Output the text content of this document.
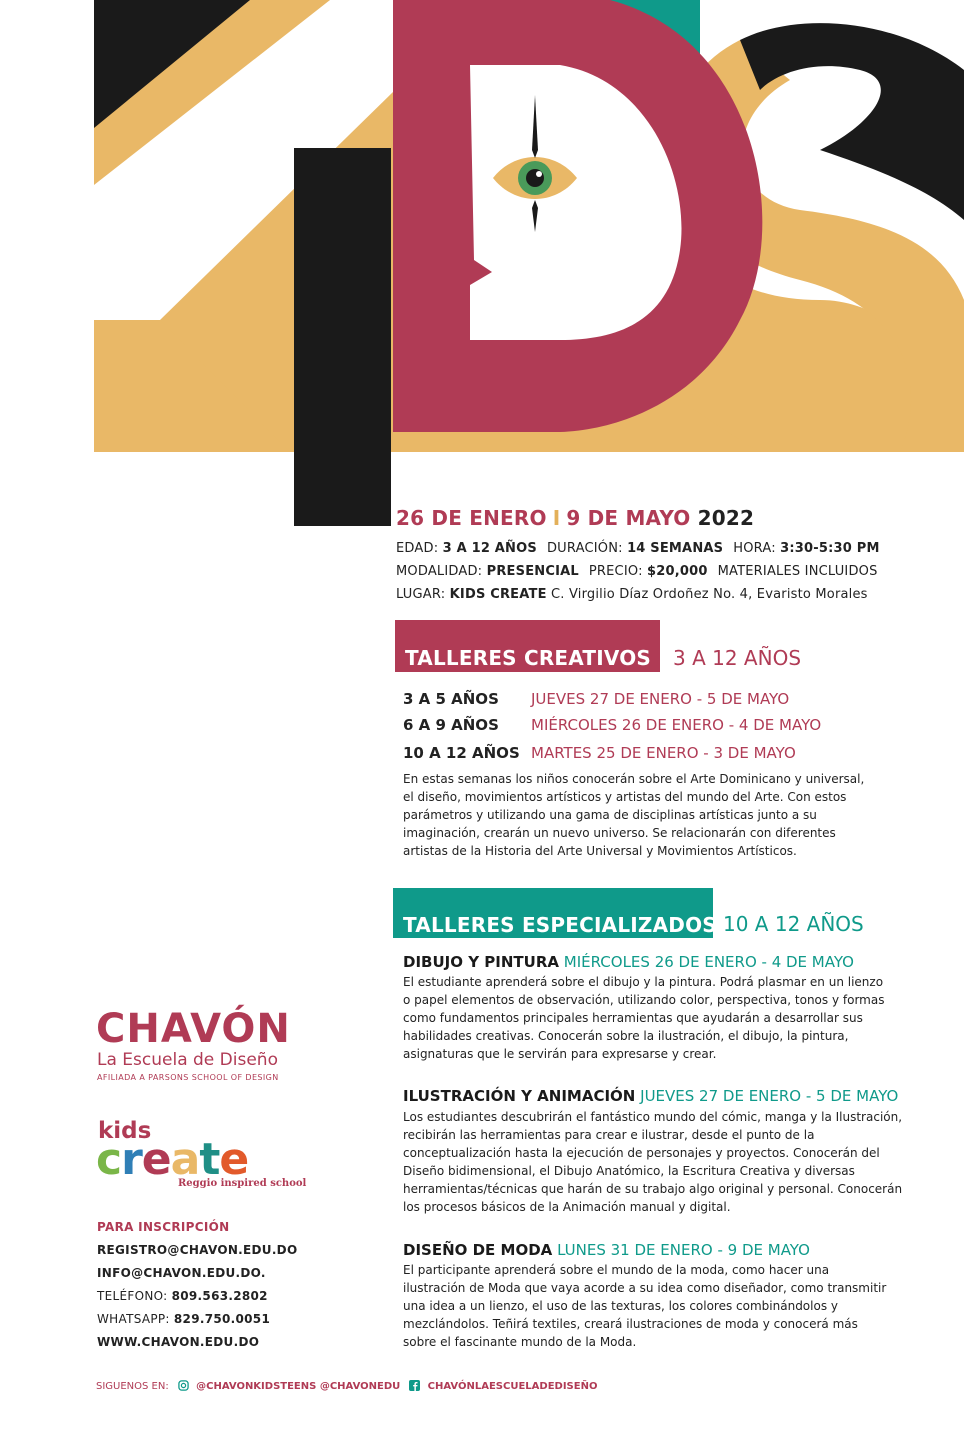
26 DE ENERO I 9 DE MAYO 2022
EDAD: 3 A 12 AÑOS DURACIÓN: 14 SEMANAS HORA: 3:30-5:30 PM
MODALIDAD: PRESENCIAL PRECIO: $20,000 MATERIALES INCLUIDOS
LUGAR: KIDS CREATE C. Virgilio Díaz Ordoñez No. 4, Evaristo Morales
TALLERES CREATIVOS	3 A 12 AÑOS
3 A 5 AÑOS JUEVES 27 DE ENERO - 5 DE MAYO
6 A 9 AÑOS MIÉRCOLES 26 DE ENERO - 4 DE MAYO
10 A 12 AÑOS MARTES 25 DE ENERO - 3 DE MAYO
En estas semanas los niños conocerán sobre el Arte Dominicano y universal, el diseño, movimientos artísticos y artistas del mundo del Arte. Con estos parámetros y utilizando una gama de disciplinas artísticas junto a su imaginación, crearán un nuevo universo. Se relacionarán con diferentes artistas de la Historia del Arte Universal y Movimientos Artísticos.
TALLERES ESPECIALIZADOS 10 A 12 AÑOS
DIBUJO Y PINTURA MIÉRCOLES 26 DE ENERO - 4 DE MAYO
El estudiante aprenderá sobre el dibujo y la pintura. Podrá plasmar en un lienzo o papel elementos de observación, utilizando color, perspectiva, tonos y formas como fundamentos principales herramientas que ayudarán a desarrollar sus habilidades creativas. Conocerán sobre la ilustración, el dibujo, la pintura, asignaturas que le servirán para expresarse y crear.
ILUSTRACIÓN Y ANIMACIÓN JUEVES 27 DE ENERO - 5 DE MAYO
Los estudiantes descubrirán el fantástico mundo del cómic, manga y la Ilustración, recibirán las herramientas para crear e ilustrar, desde el punto de la conceptualización hasta la ejecución de personajes y proyectos. Conocerán del Diseño bidimensional, el Dibujo Anatómico, la Escritura Creativa y diversas herramientas/técnicas que harán de su trabajo algo original y personal. Conocerán los procesos básicos de la Animación manual y digital.
DISEÑO DE MODA LUNES 31 DE ENERO - 9 DE MAYO
El participante aprenderá sobre el mundo de la moda, como hacer una ilustración de Moda que vaya acorde a su idea como diseñador, como transmitir una idea a un lienzo, el uso de las texturas, los colores combinándolos y mezclándolos. Teñirá textiles, creará ilustraciones de moda y conocerá más sobre el fascinante mundo de la Moda.
CHAVÓN
La Escuela de Diseño
AFILIADA A PARSONS SCHOOL OF DESIGN
kids
create
Reggio inspired school
PARA INSCRIPCIÓN
REGISTRO@CHAVON.EDU.DO
INFO@CHAVON.EDU.DO.
TELÉFONO: 809.563.2802
WHATSAPP: 829.750.0051
WWW.CHAVON.EDU.DO
SIGUENOS EN:	@CHAVONKIDSTEENS @CHAVONEDU	CHAVÓNLAESCUELADEDISEÑO
